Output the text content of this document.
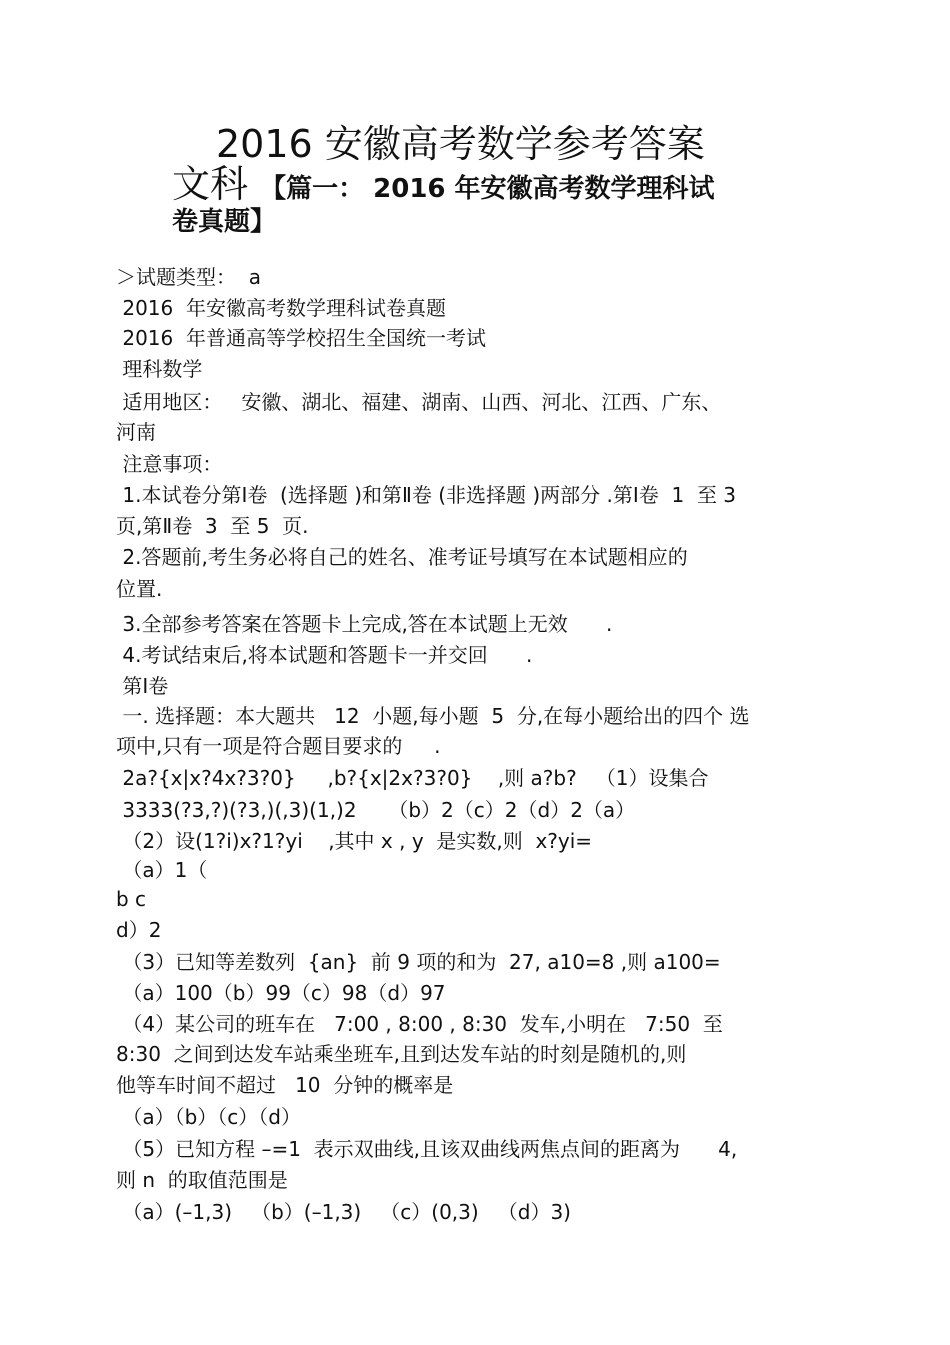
2016 安徽高考数学参考答案
文科 【篇一： 2016 年安徽高考数学理科试
卷真题】
＞试题类型：  a
2016  年安徽高考数学理科试卷真题
2016  年普通高等学校招生全国统一考试
理科数学
适用地区：   安徽、湖北、福建、湖南、山西、河北、江西、广东、
河南
注意事项：
1.本试卷分第Ⅰ卷  (选择题 )和第Ⅱ卷 (非选择题 )两部分 .第Ⅰ卷  1  至 3
页,第Ⅱ卷  3  至 5  页.
2.答题前,考生务必将自己的姓名、准考证号填写在本试题相应的
位置.
3.全部参考答案在答题卡上完成,答在本试题上无效      .
4.考试结束后,将本试题和答题卡一并交回      .
第Ⅰ卷
一. 选择题：本大题共   12  小题,每小题  5  分,在每小题给出的四个 选
项中,只有一项是符合题目要求的     .
2a?{x|x?4x?3?0}     ,b?{x|2x?3?0}    ,则 a?b?   （1）设集合
3333(?3,?)(?3,)(,3)(1,)2     （b）2（c）2（d）2（a）
（2）设(1?i)x?1?yi    ,其中 x , y  是实数,则  x?yi=
（a）1（
b c
d）2
（3）已知等差数列  {an}  前 9 项的和为  27, a10=8 ,则 a100=
（a）100（b）99（c）98（d）97
（4）某公司的班车在   7:00 , 8:00 , 8:30  发车,小明在   7:50  至
8:30  之间到达发车站乘坐班车,且到达发车站的时刻是随机的,则
他等车时间不超过   10  分钟的概率是
（a）（b）（c）（d）
（5）已知方程 –=1  表示双曲线,且该双曲线两焦点间的距离为      4,
则 n  的取值范围是
（a）(–1,3)   （b）(–1,3)   （c）(0,3)   （d）3)
